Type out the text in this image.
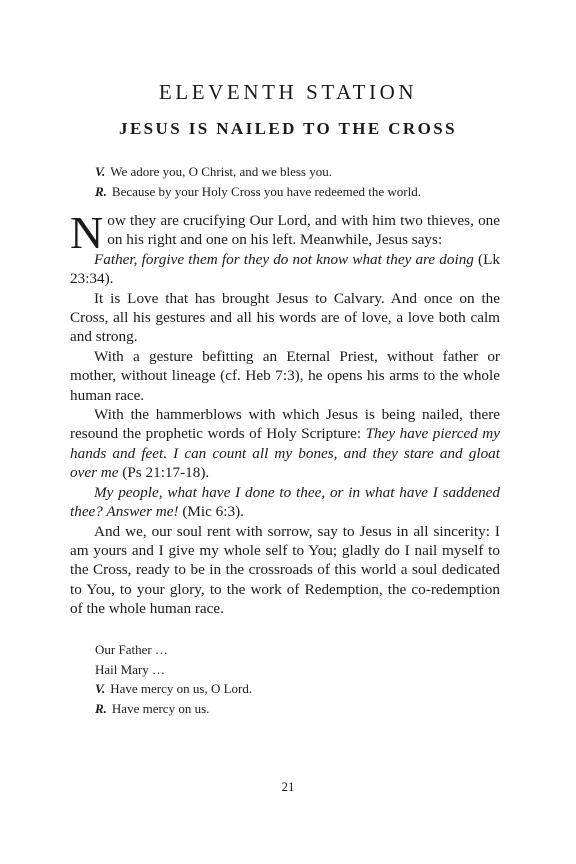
ELEVENTH STATION
JESUS IS NAILED TO THE CROSS
V. We adore you, O Christ, and we bless you.
R. Because by your Holy Cross you have redeemed the world.

Now they are crucifying Our Lord, and with him two thieves, one on his right and one on his left. Meanwhile, Jesus says:

Father, forgive them for they do not know what they are doing (Lk 23:34).

It is Love that has brought Jesus to Calvary. And once on the Cross, all his gestures and all his words are of love, a love both calm and strong.

With a gesture befitting an Eternal Priest, without father or mother, without lineage (cf. Heb 7:3), he opens his arms to the whole human race.

With the hammerblows with which Jesus is being nailed, there resound the prophetic words of Holy Scripture: They have pierced my hands and feet. I can count all my bones, and they stare and gloat over me (Ps 21:17-18).

My people, what have I done to thee, or in what have I saddened thee? Answer me! (Mic 6:3).

And we, our soul rent with sorrow, say to Jesus in all sincerity: I am yours and I give my whole self to You; gladly do I nail myself to the Cross, ready to be in the crossroads of this world a soul dedicated to You, to your glory, to the work of Redemption, the co-redemption of the whole human race.

Our Father …
Hail Mary …
V. Have mercy on us, O Lord.
R. Have mercy on us.
21
